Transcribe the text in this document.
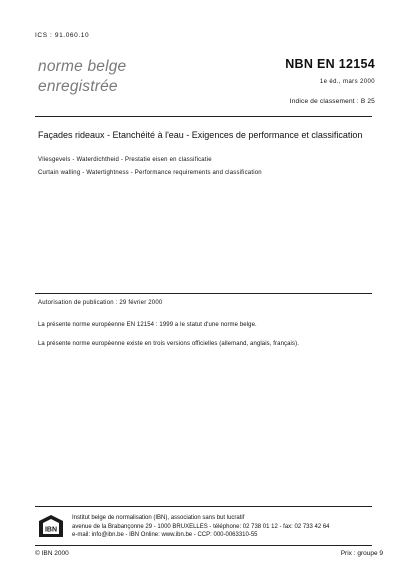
ICS : 91.060.10
norme belge
enregistrée
NBN EN 12154
1e éd., mars 2000
Indice de classement : B 25
Façades rideaux - Etanchéité à l'eau - Exigences de performance et classification
Vliesgevels - Waterdichtheid - Prestatie eisen en classificatie
Curtain walling - Watertightness - Performance requirements and classification
Autorisation de publication : 29 février 2000
La présente norme européenne EN 12154 : 1999 a le statut d'une norme belge.
La présente norme européenne existe en trois versions officielles (allemand, anglais, français).
IBN
Institut belge de normalisation (IBN), association sans but lucratif
avenue de la Brabançonne 29 - 1000 BRUXELLES - téléphone: 02 738 01 12 - fax: 02 733 42 64
e-mail: info@ibn.be - IBN Online: www.ibn.be - CCP: 000-0063310-55
© IBN 2000	Prix : groupe 9
